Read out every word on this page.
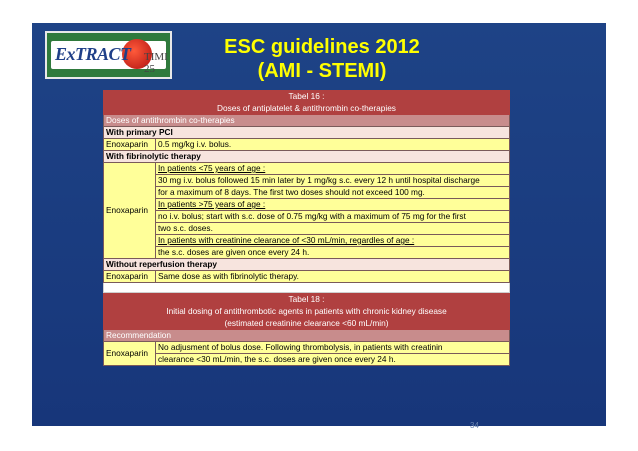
ExTRACT TIMI 25
ESC guidelines 2012
(AMI - STEMI)
Tabel 16 :	
Doses of antiplatelet & antithrombin co-therapies	
Doses of antithrombin co-therapies	
With primary PCI	
Enoxaparin	0.5 mg/kg i.v. bolus.
With fibrinolytic therapy	
Enoxaparin	In patients <75 years of age :
	30 mg i.v. bolus followed 15 min later by 1 mg/kg s.c. every 12 h until hospital discharge
	for a maximum of 8 days. The first two doses should not exceed 100 mg.
	In patients >75 years of age :
	no i.v. bolus; start with s.c. dose of 0.75 mg/kg with a maximum of 75 mg for the first
	two s.c. doses.
	In patients with creatinine clearance of <30 mL/min, regardles of age :
	the s.c. doses are given once every 24 h.
Without reperfusion therapy	
Enoxaparin	Same dose as with fibrinolytic therapy.

Tabel 18 :
Initial dosing of antithrombotic agents in patients with chronic kidney disease
(estimated creatinine clearance <60 mL/min)
Recommendation
Enoxaparin	No adjusment of bolus dose. Following thrombolysis, in patients with creatinin
clearance <30 mL/min, the s.c. doses are given once every 24 h.
34
